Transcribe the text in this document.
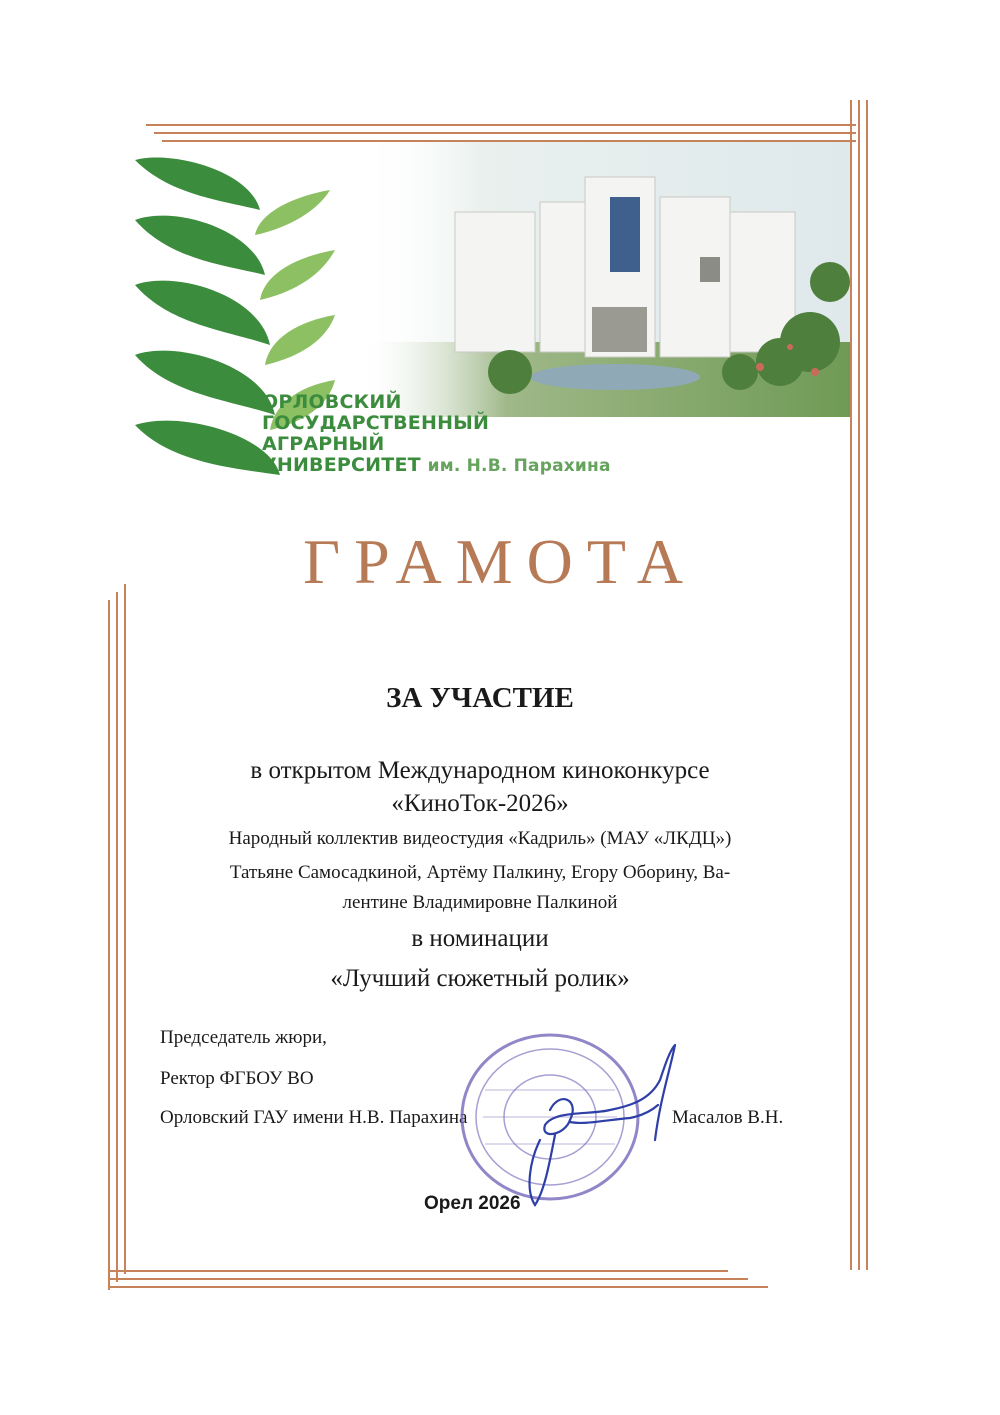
ОРЛОВСКИЙ
ГОСУДАРСТВЕННЫЙ
АГРАРНЫЙ
УНИВЕРСИТЕТ им. Н.В. Парахина
ГРАМОТА
ЗА УЧАСТИЕ
в открытом Международном киноконкурсе
«КиноТок-2026»
Народный коллектив видеостудия «Кадриль» (МАУ «ЛКДЦ»)
Татьяне Самосадкиной, Артёму Палкину, Егору Оборину, Ва-
лентине Владимировне Палкиной
в номинации
«Лучший сюжетный ролик»
Председатель жюри,
Ректор ФГБОУ ВО
Орловский ГАУ имени Н.В. Парахина	Масалов В.Н.
Орел 2026
